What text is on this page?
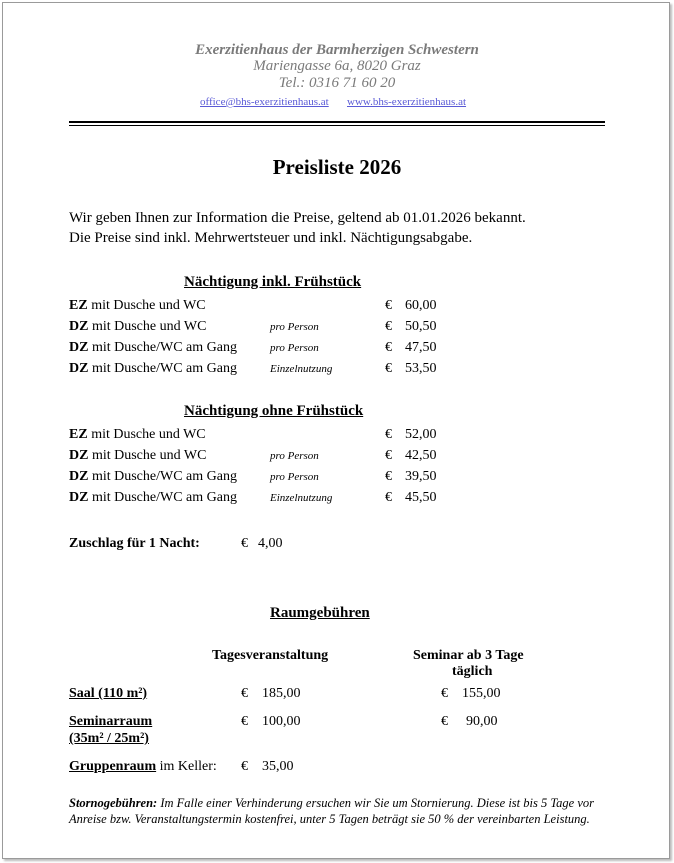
Exerzitienhaus der Barmherzigen Schwestern
Mariengasse 6a, 8020 Graz
Tel.: 0316 71 60 20
office@bhs-exerzitienhaus.at www.bhs-exerzitienhaus.at
Preisliste 2026
Wir geben Ihnen zur Information die Preise, geltend ab 01.01.2026 bekannt.
Die Preise sind inkl. Mehrwertsteuer und inkl. Nächtigungsabgabe.
Nächtigung inkl. Frühstück
EZ mit Dusche und WC	€ 60,00
DZ mit Dusche und WC	pro Person	€ 50,50
DZ mit Dusche/WC am Gang	pro Person	€ 47,50
DZ mit Dusche/WC am Gang	Einzelnutzung	€ 53,50
Nächtigung ohne Frühstück
EZ mit Dusche und WC	€ 52,00
DZ mit Dusche und WC	pro Person	€ 42,50
DZ mit Dusche/WC am Gang	pro Person	€ 39,50
DZ mit Dusche/WC am Gang	Einzelnutzung	€ 45,50
Zuschlag für 1 Nacht:	€ 4,00
Raumgebühren
Tagesveranstaltung	Seminar ab 3 Tage
täglich
Saal (110 m²)	€ 185,00	€ 155,00
Seminarraum
(35m² / 25m²)
€ 100,00	€ 90,00
Gruppenraum im Keller: € 35,00
Stornogebühren: Im Falle einer Verhinderung ersuchen wir Sie um Stornierung. Diese ist bis 5 Tage vor Anreise bzw. Veranstaltungstermin kostenfrei, unter 5 Tagen beträgt sie 50 % der vereinbarten Leistung.
